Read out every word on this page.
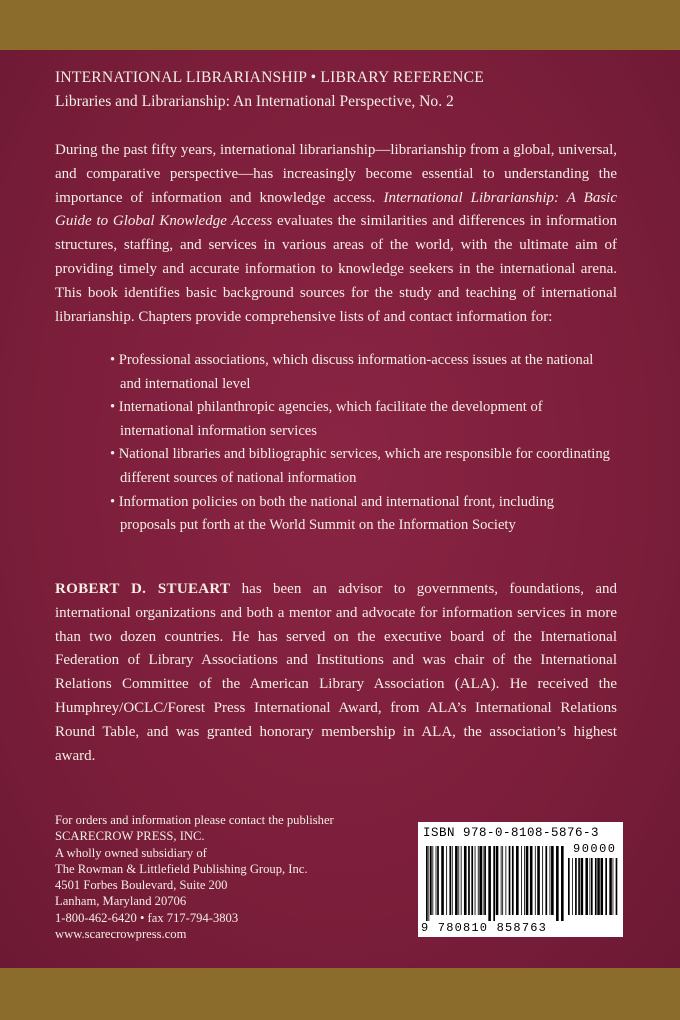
INTERNATIONAL LIBRARIANSHIP • LIBRARY REFERENCE
Libraries and Librarianship: An International Perspective, No. 2

During the past fifty years, international librarianship—librarianship from a global, universal, and comparative perspective—has increasingly become essential to understanding the importance of information and knowledge access. International Librarianship: A Basic Guide to Global Knowledge Access evaluates the similarities and differences in information structures, staffing, and services in various areas of the world, with the ultimate aim of providing timely and accurate information to knowledge seekers in the international arena. This book identifies basic background sources for the study and teaching of international librarianship. Chapters provide comprehensive lists of and contact information for:

• Professional associations, which discuss information-access issues at the national and international level
• International philanthropic agencies, which facilitate the development of international information services
• National libraries and bibliographic services, which are responsible for coordinating different sources of national information
• Information policies on both the national and international front, including proposals put forth at the World Summit on the Information Society

ROBERT D. STUEART has been an advisor to governments, foundations, and international organizations and both a mentor and advocate for information services in more than two dozen countries. He has served on the executive board of the International Federation of Library Associations and Institutions and was chair of the International Relations Committee of the American Library Association (ALA). He received the Humphrey/OCLC/Forest Press International Award, from ALA’s International Relations Round Table, and was granted honorary membership in ALA, the association’s highest award.

For orders and information please contact the publisher
SCARECROW PRESS, INC.
A wholly owned subsidiary of
The Rowman & Littlefield Publishing Group, Inc.
4501 Forbes Boulevard, Suite 200
Lanham, Maryland 20706
1-800-462-6420 • fax 717-794-3803
www.scarecrowpress.com
ISBN 978-0-8108-5876-3
90000
9 780810 858763
